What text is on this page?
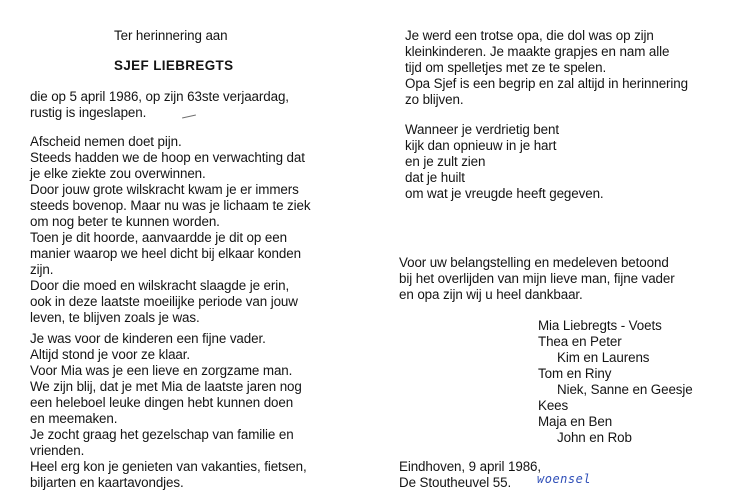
Ter herinnering aan
SJEF LIEBREGTS
die op 5 april 1986, op zijn 63ste verjaardag,
rustig is ingeslapen.
Afscheid nemen doet pijn.
Steeds hadden we de hoop en verwachting dat
je elke ziekte zou overwinnen.
Door jouw grote wilskracht kwam je er immers
steeds bovenop. Maar nu was je lichaam te ziek
om nog beter te kunnen worden.
Toen je dit hoorde, aanvaardde je dit op een
manier waarop we heel dicht bij elkaar konden
zijn.
Door die moed en wilskracht slaagde je erin,
ook in deze laatste moeilijke periode van jouw
leven, te blijven zoals je was.
Je was voor de kinderen een fijne vader.
Altijd stond je voor ze klaar.
Voor Mia was je een lieve en zorgzame man.
We zijn blij, dat je met Mia de laatste jaren nog
een heleboel leuke dingen hebt kunnen doen
en meemaken.
Je zocht graag het gezelschap van familie en
vrienden.
Heel erg kon je genieten van vakanties, fietsen,
biljarten en kaartavondjes.
Je werd een trotse opa, die dol was op zijn
kleinkinderen. Je maakte grapjes en nam alle
tijd om spelletjes met ze te spelen.
Opa Sjef is een begrip en zal altijd in herinnering
zo blijven.
Wanneer je verdrietig bent
kijk dan opnieuw in je hart
en je zult zien
dat je huilt
om wat je vreugde heeft gegeven.
Voor uw belangstelling en medeleven betoond
bij het overlijden van mijn lieve man, fijne vader
en opa zijn wij u heel dankbaar.
Mia Liebregts - Voets
Thea en Peter
Kim en Laurens
Tom en Riny
Niek, Sanne en Geesje
Kees
Maja en Ben
John en Rob
Eindhoven, 9 april 1986,
De Stoutheuvel 55. woensel
